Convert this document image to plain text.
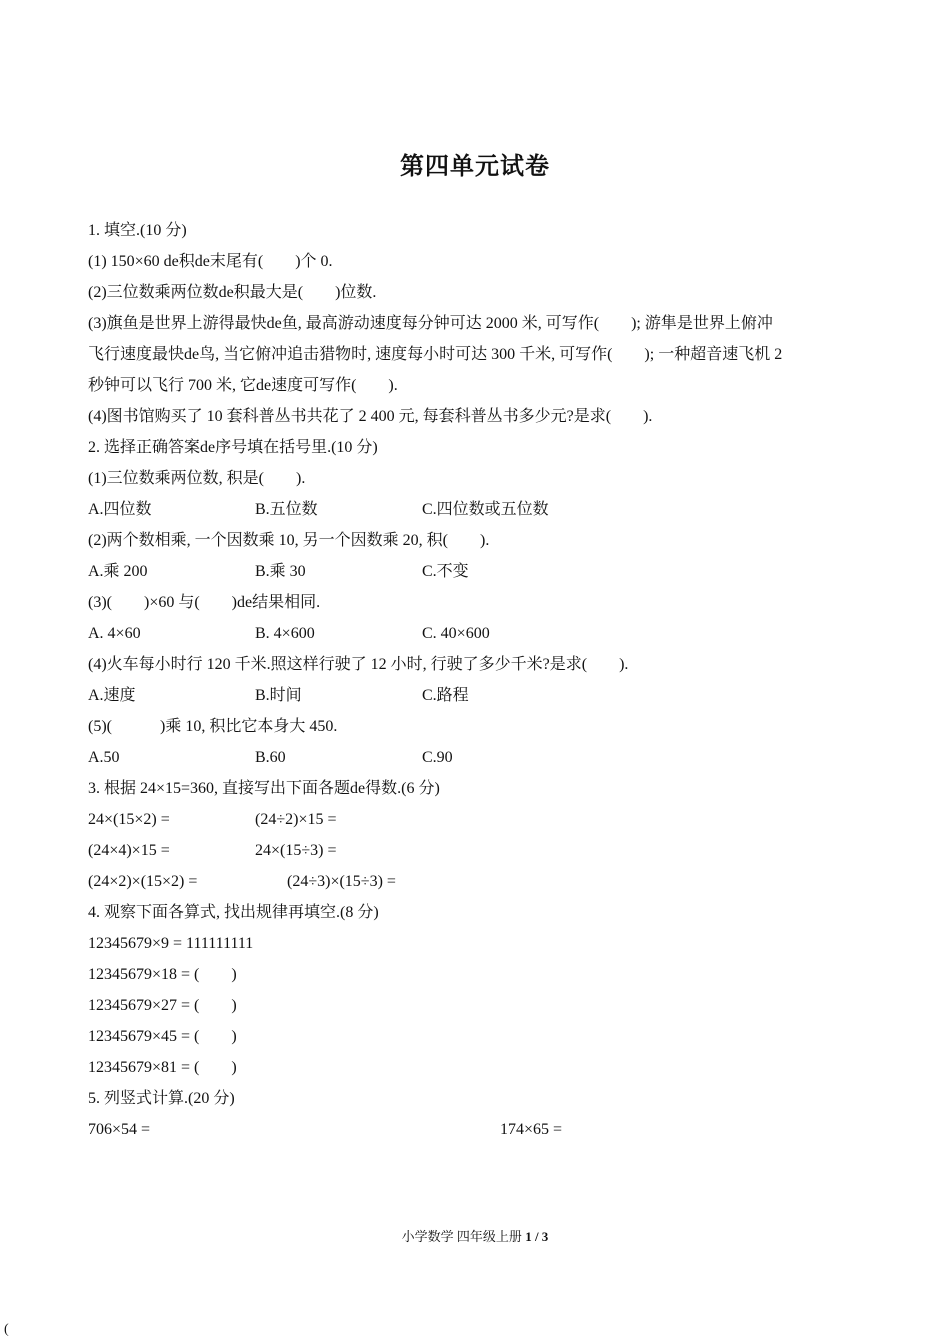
第四单元试卷
1. 填空.(10 分)
(1) 150×60 de积de末尾有(　　)个 0.
(2)三位数乘两位数de积最大是(　　)位数.
(3)旗鱼是世界上游得最快de鱼, 最高游动速度每分钟可达 2000 米, 可写作(　　); 游隼是世界上俯冲
飞行速度最快de鸟, 当它俯冲追击猎物时, 速度每小时可达 300 千米, 可写作(　　); 一种超音速飞机 2
秒钟可以飞行 700 米, 它de速度可写作(　　).
(4)图书馆购买了 10 套科普丛书共花了 2 400 元, 每套科普丛书多少元?是求(　　).
2. 选择正确答案de序号填在括号里.(10 分)
(1)三位数乘两位数, 积是(　　).
A.四位数	B.五位数	C.四位数或五位数
(2)两个数相乘, 一个因数乘 10, 另一个因数乘 20, 积(　　).
A.乘 200	B.乘 30	C.不变
(3)(　　)×60 与(　　)de结果相同.
A. 4×60	B. 4×600	C. 40×600
(4)火车每小时行 120 千米.照这样行驶了 12 小时, 行驶了多少千米?是求(　　).
A.速度	B.时间	C.路程
(5)(　　　)乘 10, 积比它本身大 450.
A.50	B.60	C.90
3. 根据 24×15=360, 直接写出下面各题de得数.(6 分)
24×(15×2) =	(24÷2)×15 =
(24×4)×15 =	24×(15÷3) =
(24×2)×(15×2) =	(24÷3)×(15÷3) =
4. 观察下面各算式, 找出规律再填空.(8 分)
12345679×9 = 111111111
12345679×18 = (　　)
12345679×27 = (　　)
12345679×45 = (　　)
12345679×81 = (　　)
5. 列竖式计算.(20 分)
706×54 =	174×65 =
小学数学 四年级上册 1 / 3
(
